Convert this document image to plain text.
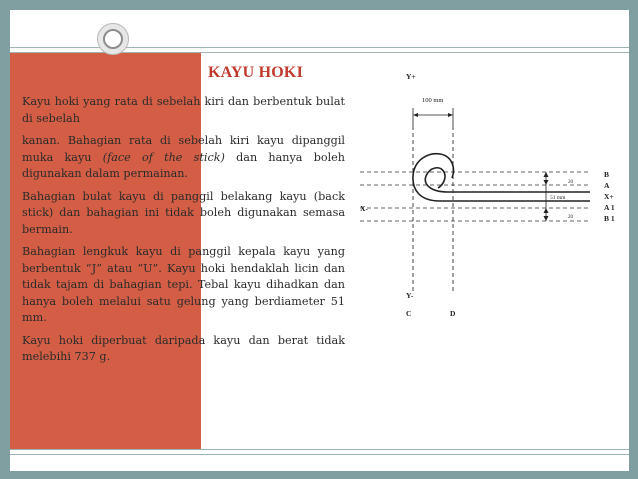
KAYU HOKI

Kayu hoki yang rata di sebelah kiri dan berbentuk bulat di sebelah

kanan. Bahagian rata di sebelah kiri kayu dipanggil muka kayu (face of the stick) dan hanya boleh digunakan dalam permainan.

Bahagian bulat kayu di panggil belakang kayu (back stick) dan bahagian ini tidak boleh digunakan semasa bermain.

Bahagian lengkuk kayu di panggil kepala kayu yang berbentuk “J” atau “U”. Kayu hoki hendaklah licin dan tidak tajam di bahagian tepi. Tebal kayu dihadkan dan hanya boleh melalui satu gelung yang berdiameter 51 mm.

Kayu hoki diperbuat daripada kayu dan berat tidak melebihi 737 g.

Y+
100 mm
X-
20
51 mm
20
B
A
X+
A 1
B 1
Y-
C	D
